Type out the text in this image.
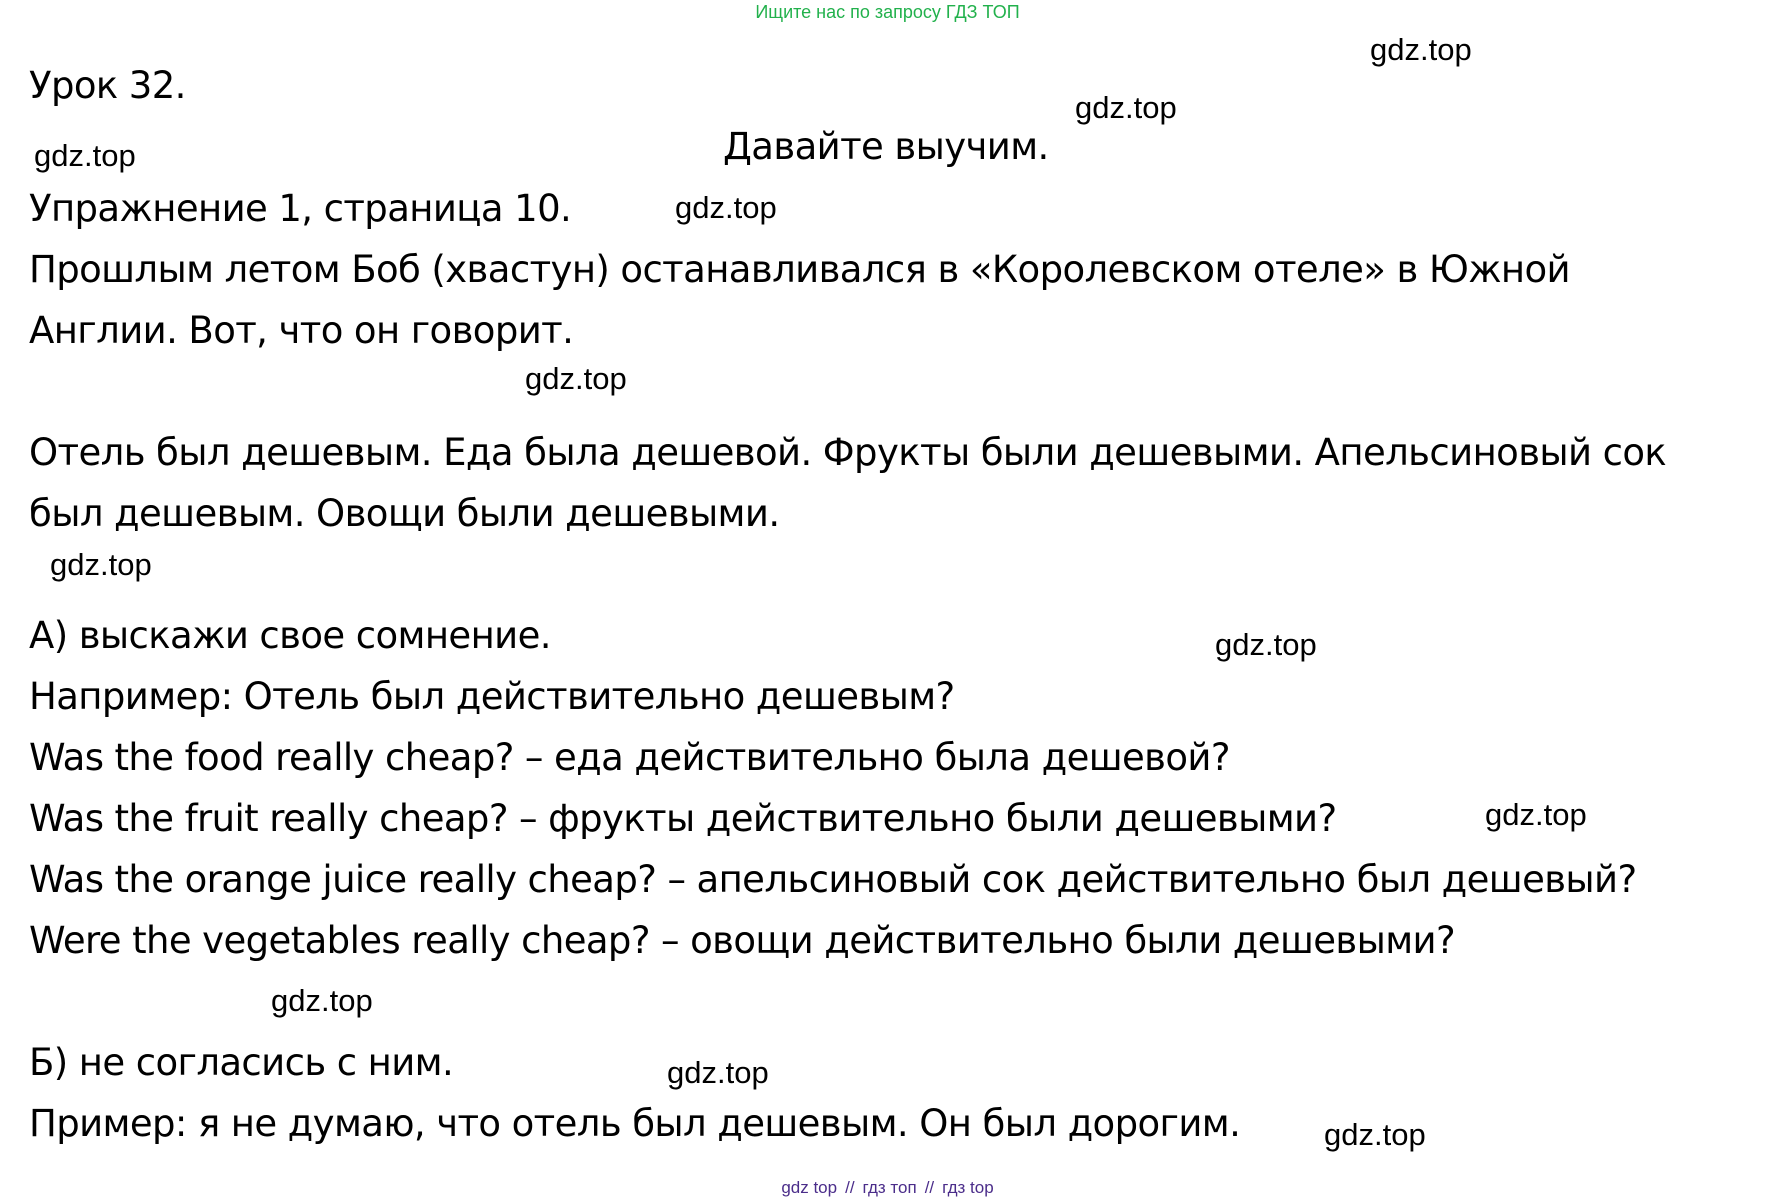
Ищите нас по запросу ГДЗ ТОП
gdz.top
gdz.top
gdz.top
gdz.top
gdz.top
gdz.top
gdz.top
gdz.top
gdz.top
gdz.top
gdz.top
Урок 32.
Давайте выучим.
Упражнение 1, страница 10.
Прошлым летом Боб (хвастун) останавливался в «Королевском отеле» в Южной
Англии. Вот, что он говорит.
Отель был дешевым. Еда была дешевой. Фрукты были дешевыми. Апельсиновый сок
был дешевым. Овощи были дешевыми.
А) выскажи свое сомнение.
Например: Отель был действительно дешевым?
Was the food really cheap? – еда действительно была дешевой?
Was the fruit really cheap? – фрукты действительно были дешевыми?
Was the orange juice really cheap? – апельсиновый сок действительно был дешевый?
Were the vegetables really cheap? – овощи действительно были дешевыми?
Б) не согласись с ним.
Пример: я не думаю, что отель был дешевым. Он был дорогим.
gdz top // гдз топ // гдз top
